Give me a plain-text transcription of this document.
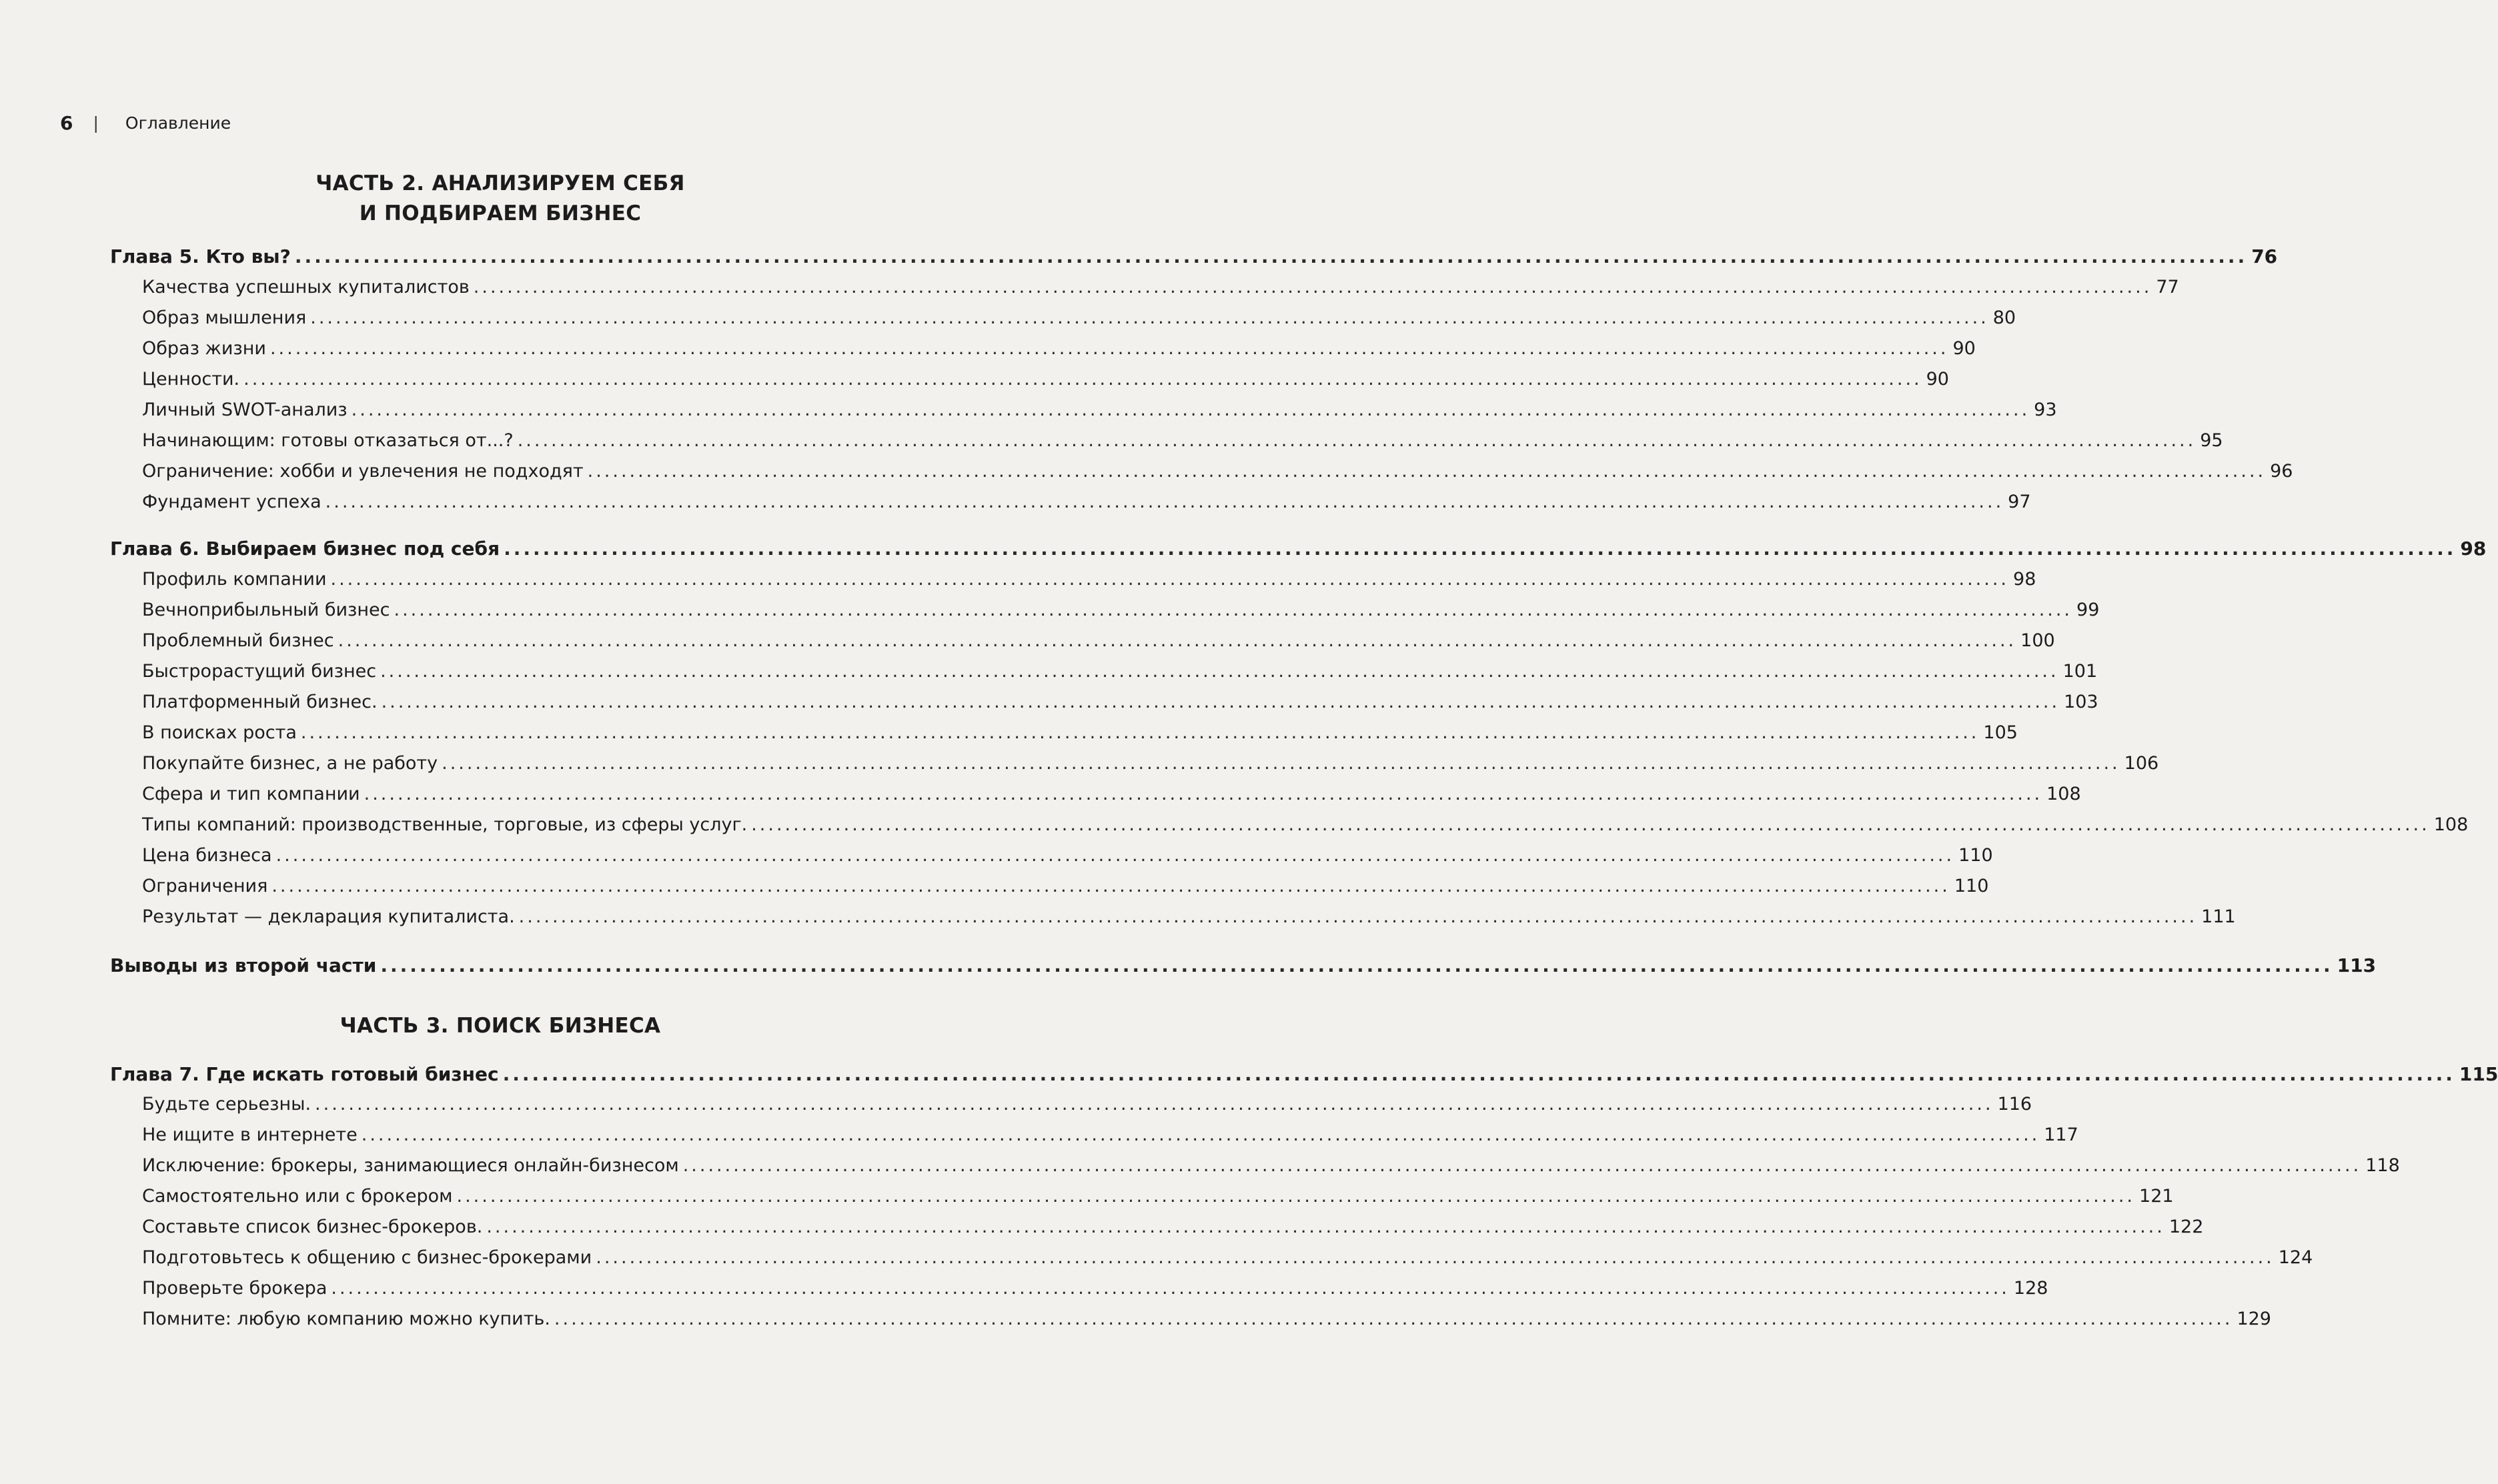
6 | Оглавление
ЧАСТЬ 2. АНАЛИЗИРУЕМ СЕБЯ
И ПОДБИРАЕМ БИЗНЕС
Глава 5. Кто вы? ........................................................................................................................................................................................................ 76
Качества успешных купиталистов ........................................................................................................................................................................................................ 77
Образ мышления ........................................................................................................................................................................................................ 80
Образ жизни ........................................................................................................................................................................................................ 90
Ценности. ........................................................................................................................................................................................................ 90
Личный SWOT-анализ ........................................................................................................................................................................................................ 93
Начинающим: готовы отказаться от...? ........................................................................................................................................................................................................ 95
Ограничение: хобби и увлечения не подходят ........................................................................................................................................................................................................ 96
Фундамент успеха ........................................................................................................................................................................................................ 97
Глава 6. Выбираем бизнес под себя ........................................................................................................................................................................................................ 98
Профиль компании ........................................................................................................................................................................................................ 98
Вечноприбыльный бизнес ........................................................................................................................................................................................................ 99
Проблемный бизнес ........................................................................................................................................................................................................ 100
Быстрорастущий бизнес ........................................................................................................................................................................................................ 101
Платформенный бизнес. ........................................................................................................................................................................................................ 103
В поисках роста ........................................................................................................................................................................................................ 105
Покупайте бизнес, а не работу ........................................................................................................................................................................................................ 106
Сфера и тип компании ........................................................................................................................................................................................................ 108
Типы компаний: производственные, торговые, из сферы услуг. ........................................................................................................................................................................................................ 108
Цена бизнеса ........................................................................................................................................................................................................ 110
Ограничения ........................................................................................................................................................................................................ 110
Результат — декларация купиталиста. ........................................................................................................................................................................................................ 111
Выводы из второй части ........................................................................................................................................................................................................ 113
Глава 7. Где искать готовый бизнес ........................................................................................................................................................................................................ 115
Будьте серьезны. ........................................................................................................................................................................................................ 116
Не ищите в интернете ........................................................................................................................................................................................................ 117
Исключение: брокеры, занимающиеся онлайн-бизнесом ........................................................................................................................................................................................................ 118
Самостоятельно или с брокером ........................................................................................................................................................................................................ 121
Составьте список бизнес-брокеров. ........................................................................................................................................................................................................ 122
Подготовьтесь к общению с бизнес-брокерами ........................................................................................................................................................................................................ 124
Проверьте брокера ........................................................................................................................................................................................................ 128
Помните: любую компанию можно купить. ........................................................................................................................................................................................................ 129
ЧАСТЬ 3. ПОИСК БИЗНЕСА
